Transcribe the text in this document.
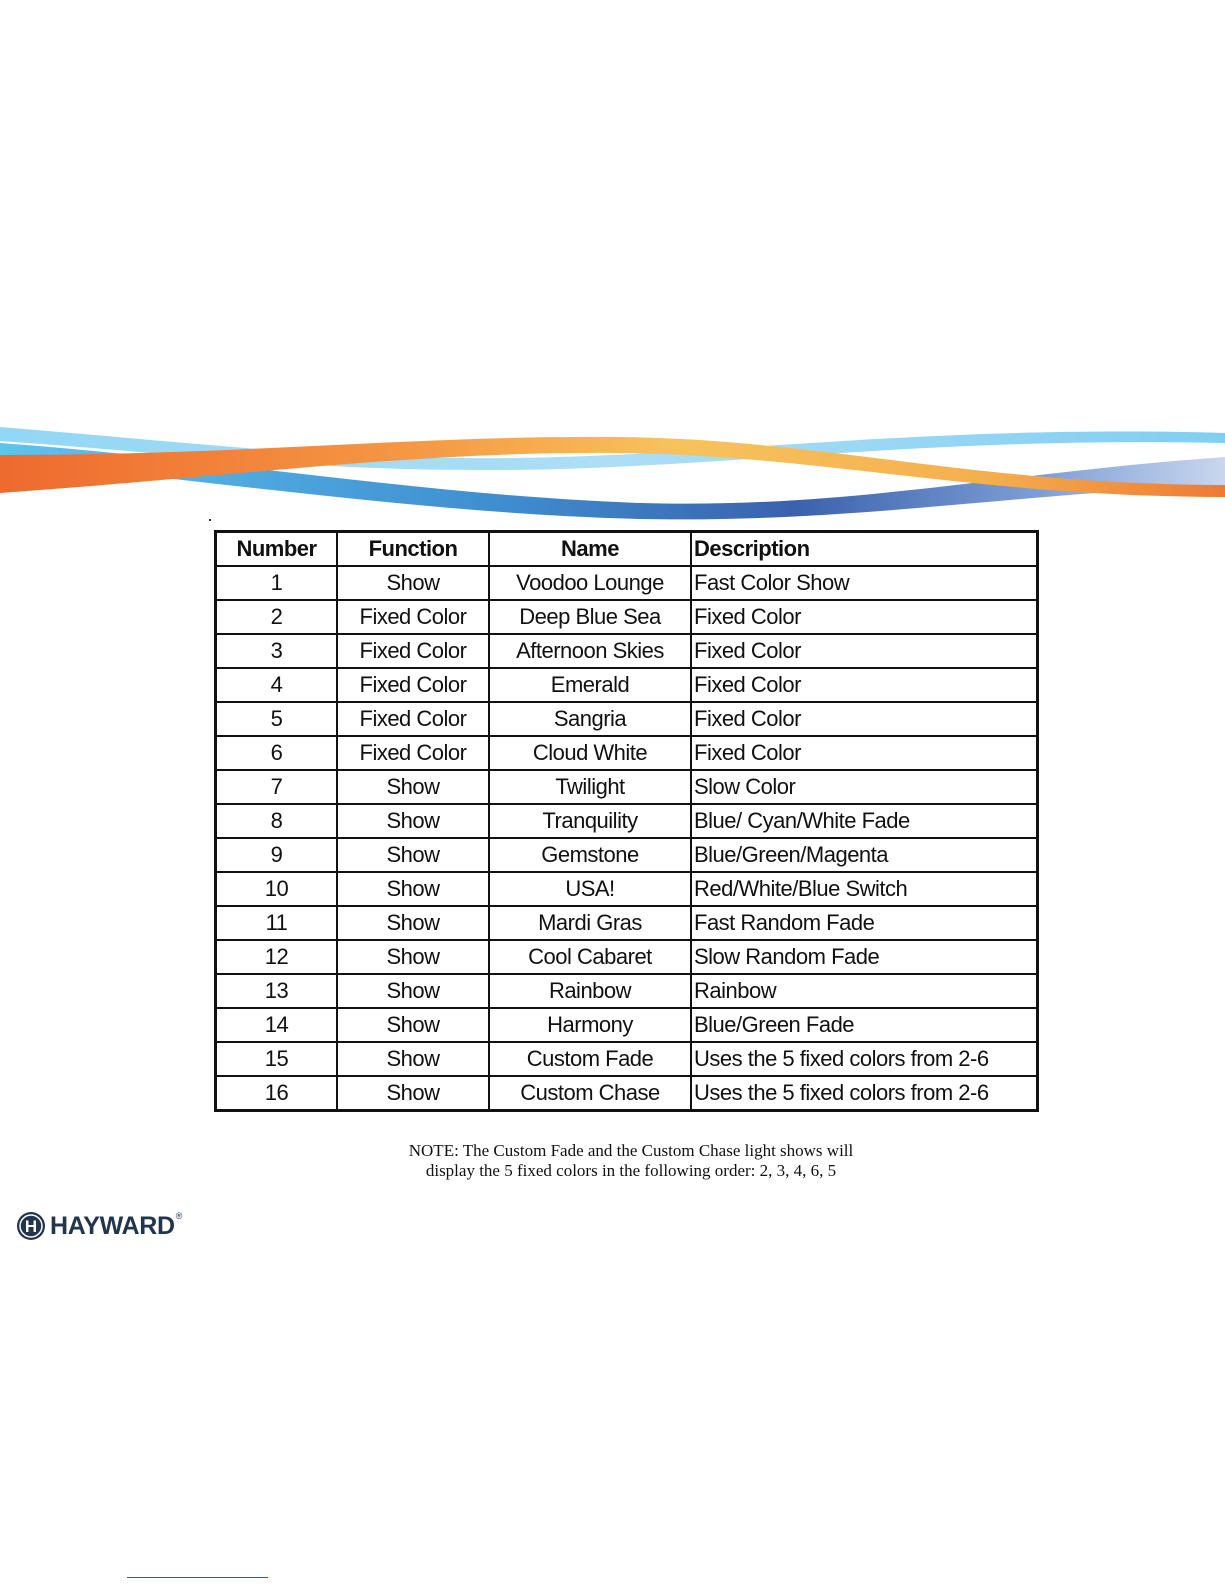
Number	Function	Name	Description
1	Show	Voodoo Lounge	Fast Color Show
2	Fixed Color	Deep Blue Sea	Fixed Color
3	Fixed Color	Afternoon Skies	Fixed Color
4	Fixed Color	Emerald	Fixed Color
5	Fixed Color	Sangria	Fixed Color
6	Fixed Color	Cloud White	Fixed Color
7	Show	Twilight	Slow Color
8	Show	Tranquility	Blue/ Cyan/White Fade
9	Show	Gemstone	Blue/Green/Magenta
10	Show	USA!	Red/White/Blue Switch
11	Show	Mardi Gras	Fast Random Fade
12	Show	Cool Cabaret	Slow Random Fade
13	Show	Rainbow	Rainbow
14	Show	Harmony	Blue/Green Fade
15	Show	Custom Fade	Uses the 5 fixed colors from 2-6
16	Show	Custom Chase	Uses the 5 fixed colors from 2-6
NOTE: The Custom Fade and the Custom Chase light shows will
display the 5 fixed colors in the following order: 2, 3, 4, 6, 5
H HAYWARD ®
